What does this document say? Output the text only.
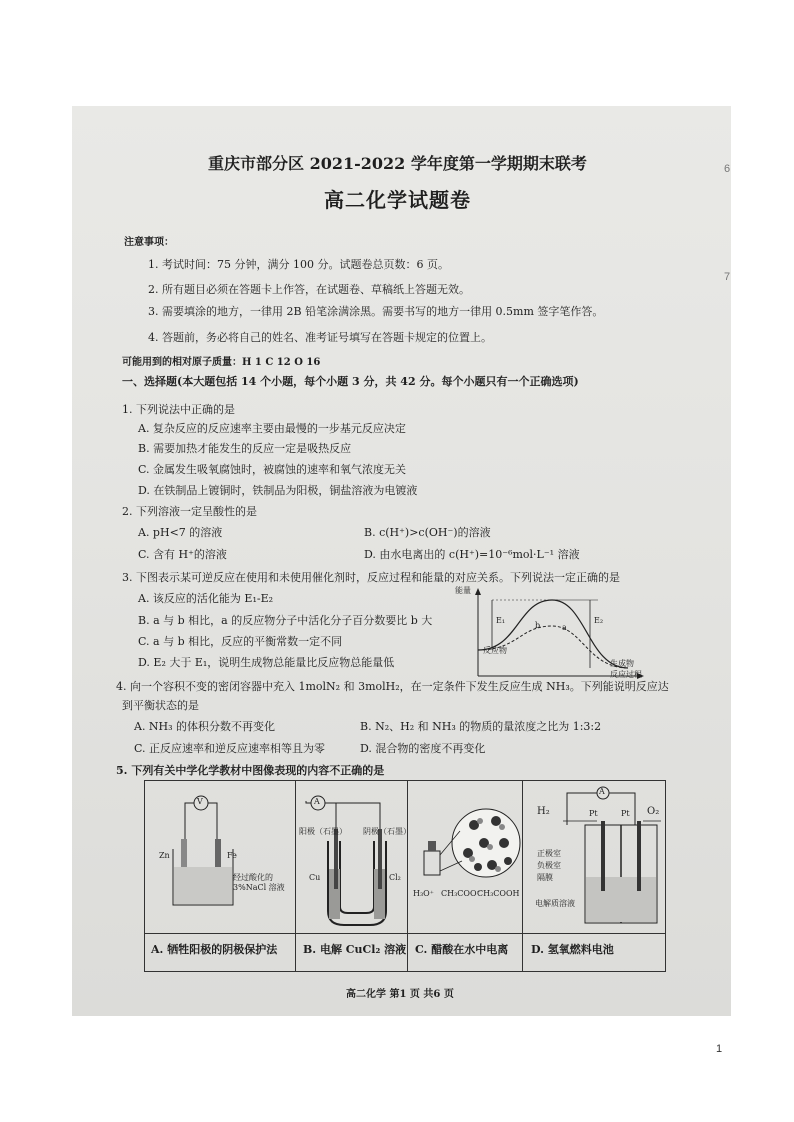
6
7
重庆市部分区 2021-2022 学年度第一学期期末联考
高二化学试题卷
注意事项：
1. 考试时间：75 分钟，满分 100 分。试题卷总页数：6 页。
2. 所有题目必须在答题卡上作答，在试题卷、草稿纸上答题无效。
3. 需要填涂的地方，一律用 2B 铅笔涂满涂黑。需要书写的地方一律用 0.5mm 签字笔作答。
4. 答题前，务必将自己的姓名、准考证号填写在答题卡规定的位置上。
可能用到的相对原子质量：H 1 C 12 O 16
一、选择题(本大题包括 14 个小题，每个小题 3 分，共 42 分。每个小题只有一个正确选项)
1. 下列说法中正确的是
A. 复杂反应的反应速率主要由最慢的一步基元反应决定
B. 需要加热才能发生的反应一定是吸热反应
C. 金属发生吸氧腐蚀时，被腐蚀的速率和氧气浓度无关
D. 在铁制品上镀铜时，铁制品为阳极，铜盐溶液为电镀液
2. 下列溶液一定呈酸性的是
A. pH<7 的溶液	B. c(H⁺)>c(OH⁻)的溶液
C. 含有 H⁺的溶液	D. 由水电离出的 c(H⁺)=10⁻⁶mol·L⁻¹ 溶液
3. 下图表示某可逆反应在使用和未使用催化剂时，反应过程和能量的对应关系。下列说法一定正确的是
A. 该反应的活化能为 E₁-E₂
B. a 与 b 相比，a 的反应物分子中活化分子百分数要比 b 大
C. a 与 b 相比，反应的平衡常数一定不同
D. E₂ 大于 E₁，说明生成物总能量比反应物总能量低
能量
E₁	E₂
b	a
反应物
生成物
反应过程
4. 向一个容积不变的密闭容器中充入 1molN₂ 和 3molH₂，在一定条件下发生反应生成 NH₃。下列能说明反应达
到平衡状态的是
A. NH₃ 的体积分数不再变化	B. N₂、H₂ 和 NH₃ 的物质的量浓度之比为 1:3:2
C. 正反应速率和逆反应速率相等且为零	D. 混合物的密度不再变化
5. 下列有关中学化学教材中图像表现的内容不正确的是
V
Zn	Fe
经过酸化的 3%NaCl 溶液
A. 牺牲阳极的阴极保护法
A
阳极（石墨） 阴极（石墨）
Cu	Cl₂
B. 电解 CuCl₂ 溶液
H₃O⁺ CH₃COO⁻
CH₃COOH
C. 醋酸在水中电离
A
H₂	Pt	Pt O₂
正极室
负极室
隔膜
电解质溶液
D. 氢氧燃料电池
高二化学 第1 页 共6 页
1
